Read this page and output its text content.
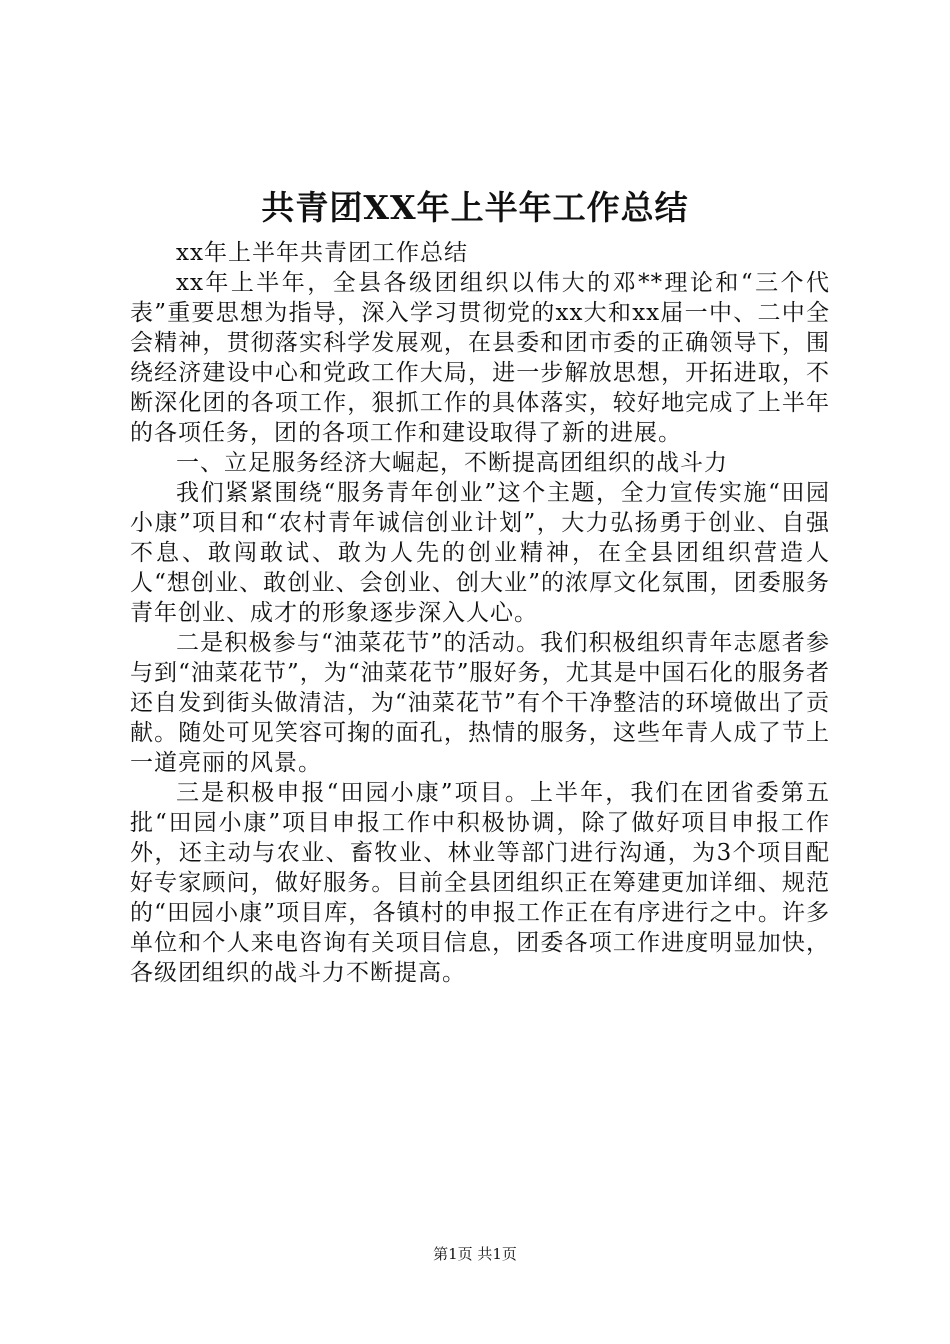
共青团XX年上半年工作总结

xx年上半年共青团工作总结

xx年上半年，全县各级团组织以伟大的邓**理论和“三个代表”重要思想为指导，深入学习贯彻党的xx大和xx届一中、二中全会精神，贯彻落实科学发展观，在县委和团市委的正确领导下，围绕经济建设中心和党政工作大局，进一步解放思想，开拓进取，不断深化团的各项工作，狠抓工作的具体落实，较好地完成了上半年的各项任务，团的各项工作和建设取得了新的进展。

一、立足服务经济大崛起，不断提高团组织的战斗力

我们紧紧围绕“服务青年创业”这个主题，全力宣传实施“田园小康”项目和“农村青年诚信创业计划”，大力弘扬勇于创业、自强不息、敢闯敢试、敢为人先的创业精神，在全县团组织营造人人“想创业、敢创业、会创业、创大业”的浓厚文化氛围，团委服务青年创业、成才的形象逐步深入人心。

二是积极参与“油菜花节”的活动。我们积极组织青年志愿者参与到“油菜花节”，为“油菜花节”服好务，尤其是中国石化的服务者还自发到街头做清洁，为“油菜花节”有个干净整洁的环境做出了贡献。随处可见笑容可掬的面孔，热情的服务，这些年青人成了节上一道亮丽的风景。

三是积极申报“田园小康”项目。上半年，我们在团省委第五批“田园小康”项目申报工作中积极协调，除了做好项目申报工作外，还主动与农业、畜牧业、林业等部门进行沟通，为3个项目配好专家顾问，做好服务。目前全县团组织正在筹建更加详细、规范的“田园小康”项目库，各镇村的申报工作正在有序进行之中。许多单位和个人来电咨询有关项目信息，团委各项工作进度明显加快，各级团组织的战斗力不断提高。

第1页 共1页
